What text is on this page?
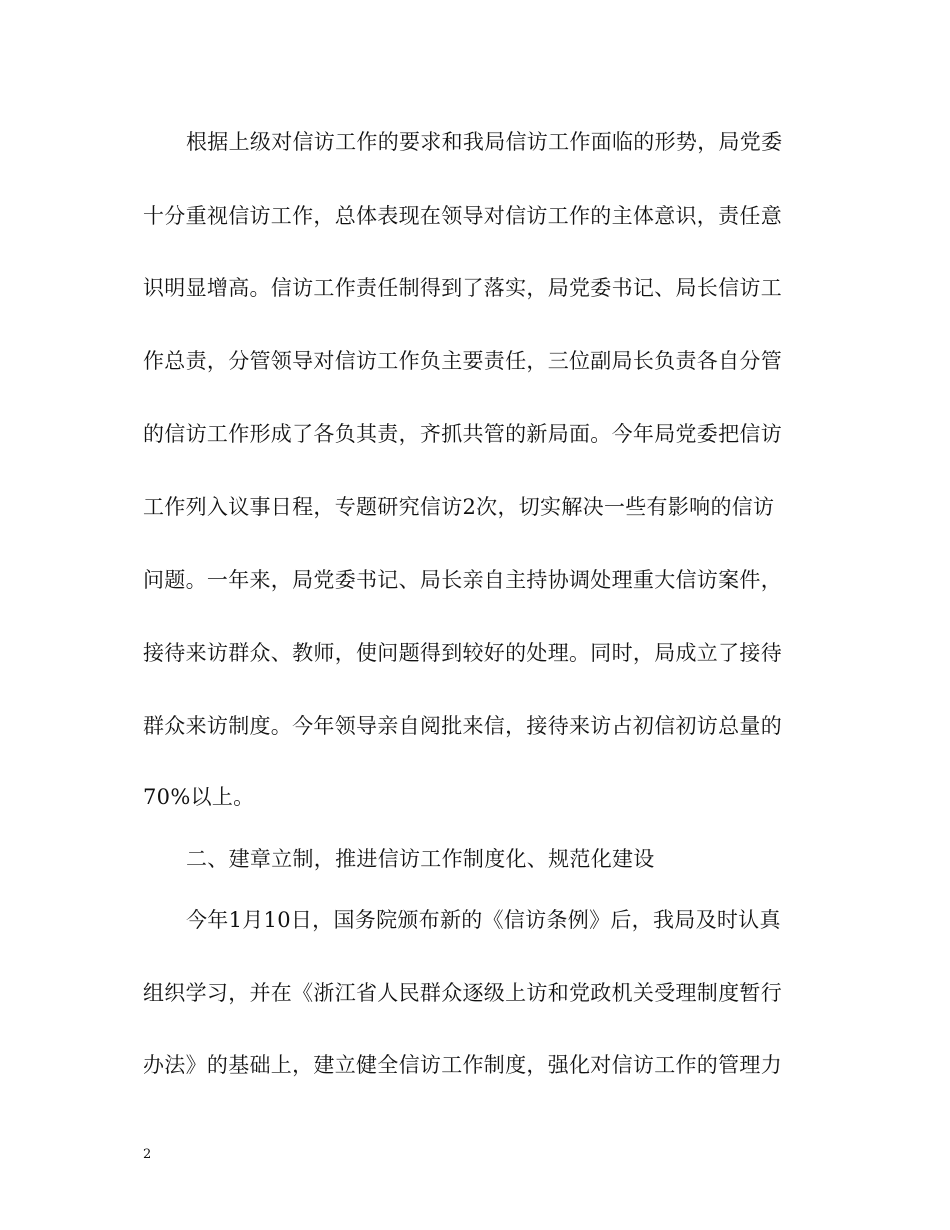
根据上级对信访工作的要求和我局信访工作面临的形势，局党委
十分重视信访工作，总体表现在领导对信访工作的主体意识，责任意
识明显增高。信访工作责任制得到了落实，局党委书记、局长信访工
作总责，分管领导对信访工作负主要责任，三位副局长负责各自分管
的信访工作形成了各负其责，齐抓共管的新局面。今年局党委把信访
工作列入议事日程，专题研究信访2次，切实解决一些有影响的信访
问题。一年来，局党委书记、局长亲自主持协调处理重大信访案件，
接待来访群众、教师，使问题得到较好的处理。同时，局成立了接待
群众来访制度。今年领导亲自阅批来信，接待来访占初信初访总量的
70%以上。
二、建章立制，推进信访工作制度化、规范化建设
今年1月10日，国务院颁布新的《信访条例》后，我局及时认真
组织学习，并在《浙江省人民群众逐级上访和党政机关受理制度暂行
办法》的基础上，建立健全信访工作制度，强化对信访工作的管理力
2
